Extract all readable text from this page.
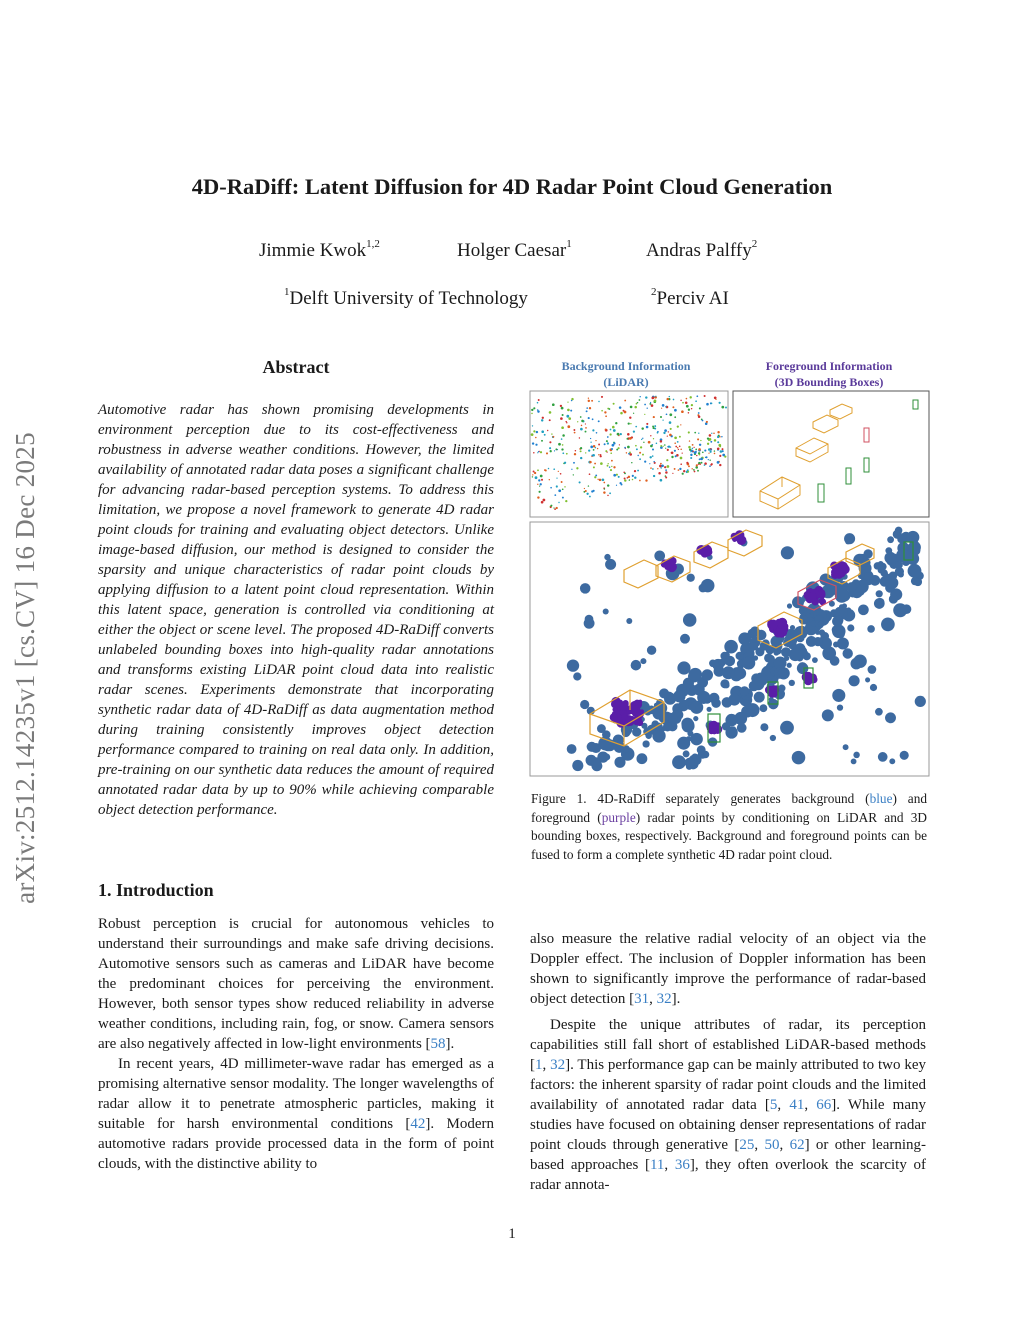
arXiv:2512.14235v1 [cs.CV] 16 Dec 2025
4D-RaDiff: Latent Diffusion for 4D Radar Point Cloud Generation
Jimmie Kwok$^{1,2}$	Holger Caesar$^1$	Andras Palffy$^2$
$^1$Delft University of Technology	$^2$Perciv AI
Abstract
Automotive radar has shown promising developments in environment perception due to its cost-effectiveness and robustness in adverse weather conditions. However, the limited availability of annotated radar data poses a significant challenge for advancing radar-based perception systems. To address this limitation, we propose a novel framework to generate 4D radar point clouds for training and evaluating object detectors. Unlike image-based diffusion, our method is designed to consider the sparsity and unique characteristics of radar point clouds by applying diffusion to a latent point cloud representation. Within this latent space, generation is controlled via conditioning at either the object or scene level. The proposed 4D-RaDiff converts unlabeled bounding boxes into high-quality radar annotations and transforms existing LiDAR point cloud data into realistic radar scenes. Experiments demonstrate that incorporating synthetic radar data of 4D-RaDiff as data augmentation method during training consistently improves object detection performance compared to training on real data only. In addition, pre-training on our synthetic data reduces the amount of required annotated radar data by up to 90% while achieving comparable object detection performance.
1. Introduction

Robust perception is crucial for autonomous vehicles to understand their surroundings and make safe driving decisions. Automotive sensors such as cameras and LiDAR have become the predominant choices for perceiving the environment. However, both sensor types show reduced reliability in adverse weather conditions, including rain, fog, or snow. Camera sensors are also negatively affected in low-light environments [58].

In recent years, 4D millimeter-wave radar has emerged as a promising alternative sensor modality. The longer wavelengths of radar allow it to penetrate atmospheric particles, making it suitable for harsh environmental conditions [42]. Modern automotive radars provide processed data in the form of point clouds, with the distinctive ability to

Background Information
(LiDAR)
Foreground Information
(3D Bounding Boxes)
Figure 1. 4D-RaDiff separately generates background (blue) and foreground (purple) radar points by conditioning on LiDAR and 3D bounding boxes, respectively. Background and foreground points can be fused to form a complete synthetic 4D radar point cloud.

also measure the relative radial velocity of an object via the Doppler effect. The inclusion of Doppler information has been shown to significantly improve the performance of radar-based object detection [31, 32].

Despite the unique attributes of radar, its perception capabilities still fall short of established LiDAR-based methods [1, 32]. This performance gap can be mainly attributed to two key factors: the inherent sparsity of radar point clouds and the limited availability of annotated radar data [5, 41, 66]. While many studies have focused on obtaining denser representations of radar point clouds through generative [25, 50, 62] or other learning-based approaches [11, 36], they often overlook the scarcity of radar annota-

1
